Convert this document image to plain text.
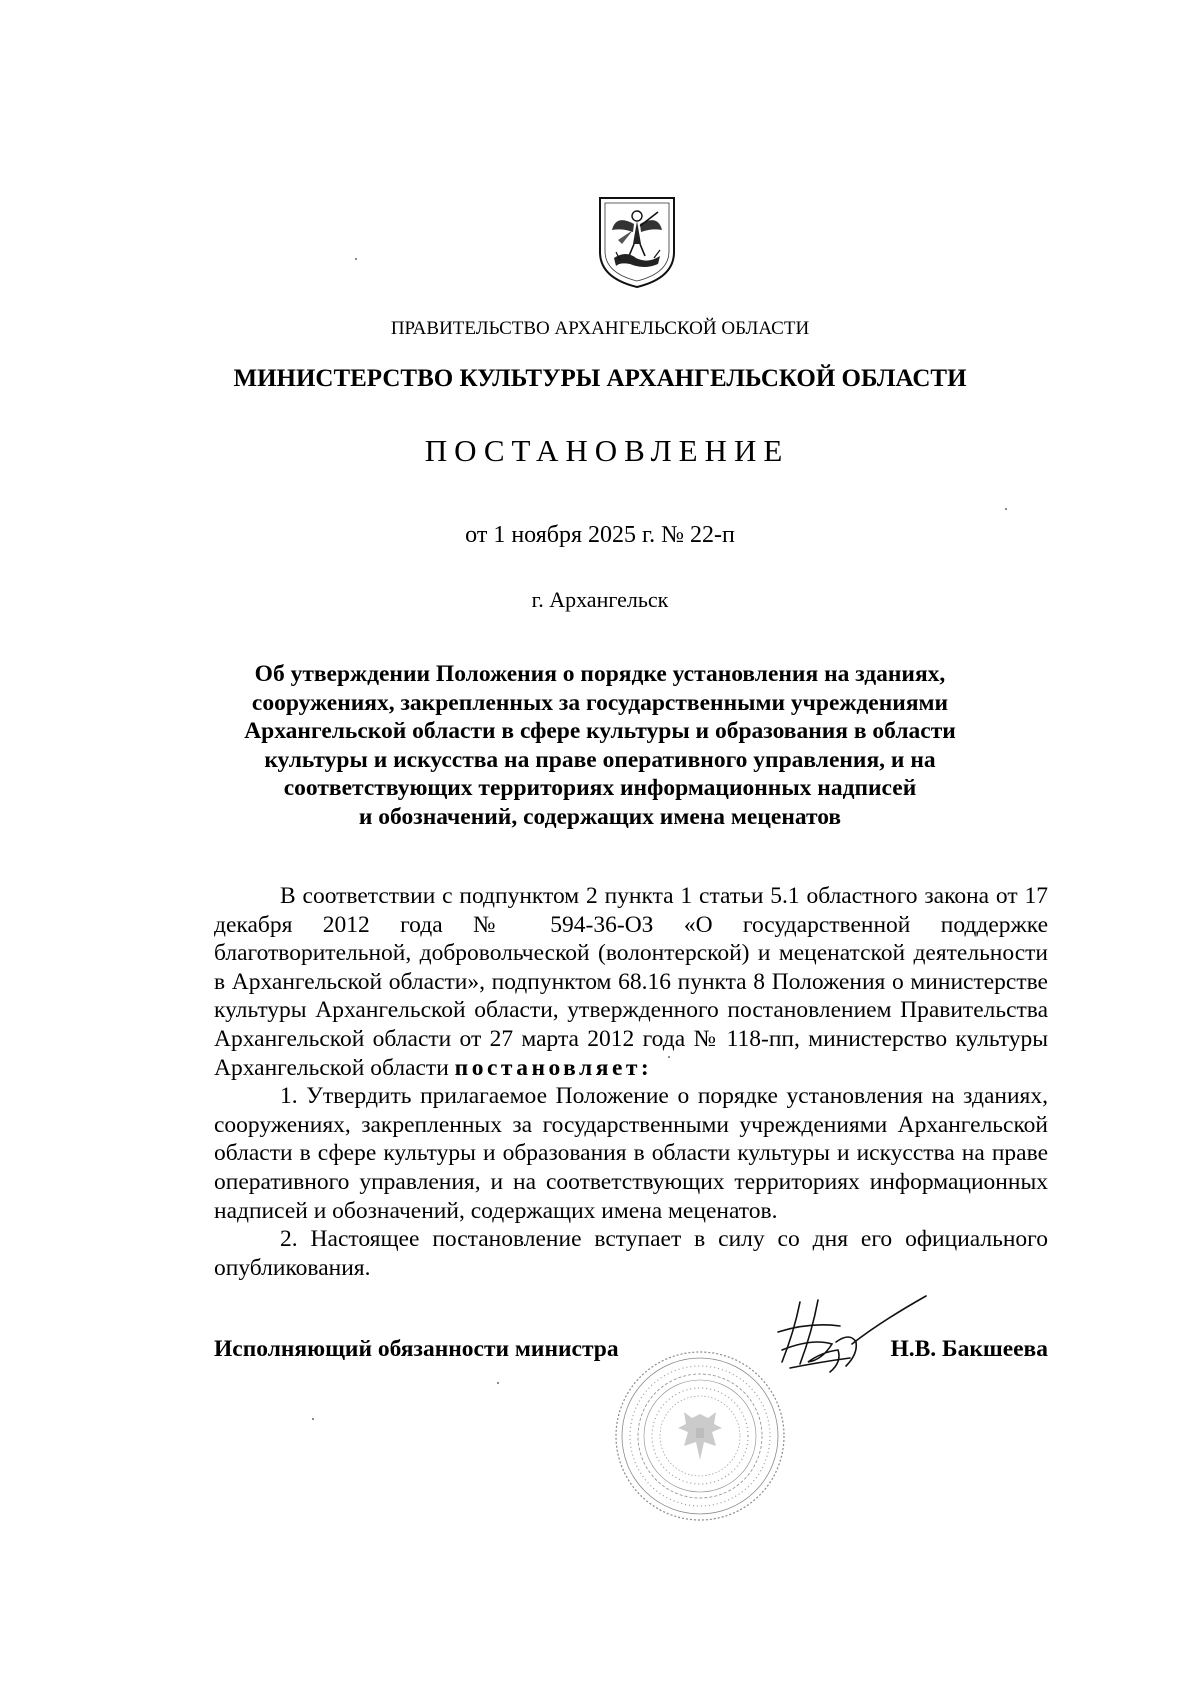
ПРАВИТЕЛЬСТВО АРХАНГЕЛЬСКОЙ ОБЛАСТИ
МИНИСТЕРСТВО КУЛЬТУРЫ АРХАНГЕЛЬСКОЙ ОБЛАСТИ
ПОСТАНОВЛЕНИЕ
от 1 ноября 2025 г. № 22-п
г. Архангельск
Об утверждении Положения о порядке установления на зданиях,
сооружениях, закрепленных за государственными учреждениями
Архангельской области в сфере культуры и образования в области
культуры и искусства на праве оперативного управления, и на
соответствующих территориях информационных надписей
и обозначений, содержащих имена меценатов

В соответствии с подпунктом 2 пункта 1 статьи 5.1 областного закона от 17 декабря 2012 года № 594-36-ОЗ «О государственной поддержке благотворительной, добровольческой (волонтерской) и меценатской деятельности в Архангельской области», подпунктом 68.16 пункта 8 Положения о министерстве культуры Архангельской области, утвержденного постановлением Правительства Архангельской области от 27 марта 2012 года № 118-пп, министерство культуры Архангельской области постановляет:

1. Утвердить прилагаемое Положение о порядке установления на зданиях, сооружениях, закрепленных за государственными учреждениями Архангельской области в сфере культуры и образования в области культуры и искусства на праве оперативного управления, и на соответствующих территориях информационных надписей и обозначений, содержащих имена меценатов.

2. Настоящее постановление вступает в силу со дня его официального опубликования.

Исполняющий обязанности министра	Н.В. Бакшеева
